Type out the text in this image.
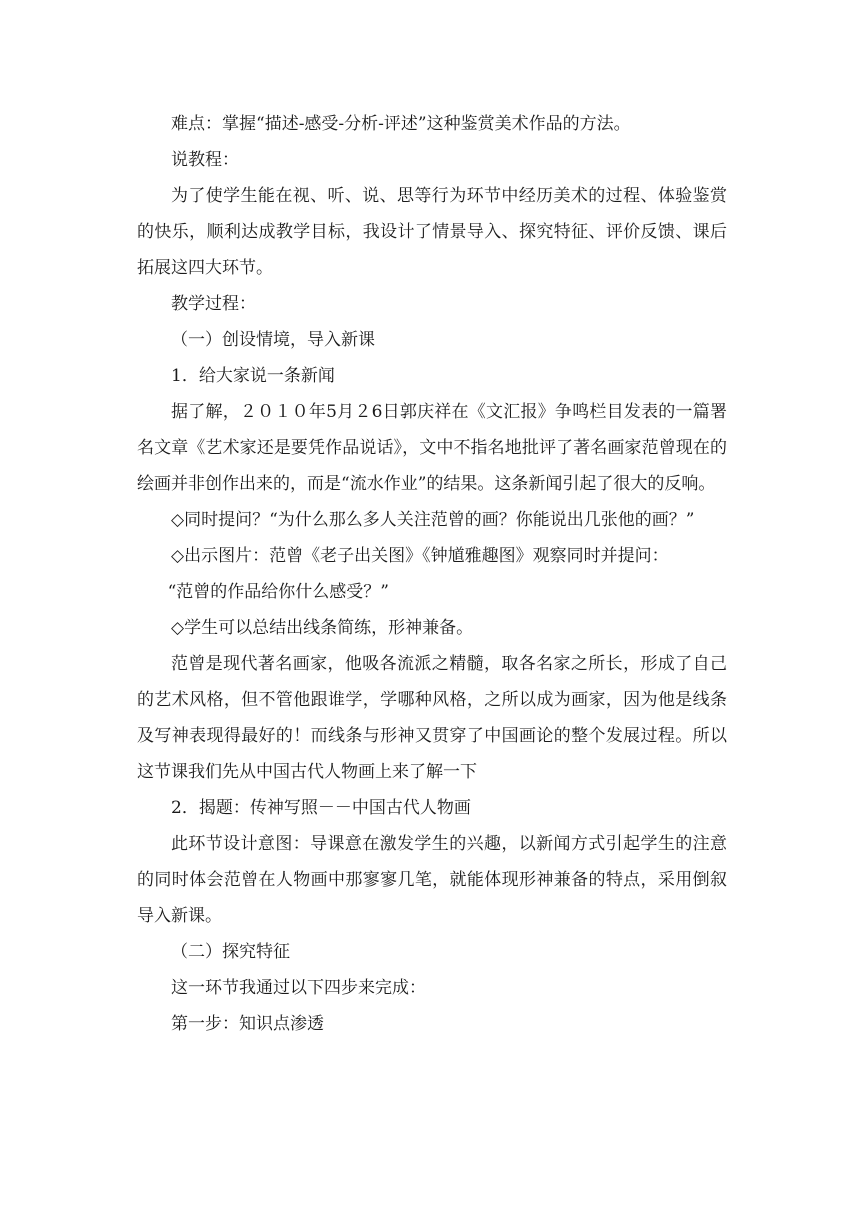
难点：掌握“描述-感受-分析-评述”这种鉴赏美术作品的方法。

说教程：

为了使学生能在视、听、说、思等行为环节中经历美术的过程、体验鉴赏的快乐，顺利达成教学目标，我设计了情景导入、探究特征、评价反馈、课后拓展这四大环节。

教学过程：

（一）创设情境，导入新课

1．给大家说一条新闻

据了解，２０１０年5月２6日郭庆祥在《文汇报》争鸣栏目发表的一篇署名文章《艺术家还是要凭作品说话》，文中不指名地批评了著名画家范曾现在的绘画并非创作出来的，而是“流水作业”的结果。这条新闻引起了很大的反响。

◇同时提问？“为什么那么多人关注范曾的画？你能说出几张他的画？”

◇出示图片：范曾《老子出关图》《钟馗雅趣图》观察同时并提问：

“范曾的作品给你什么感受？”

◇学生可以总结出线条简练，形神兼备。

范曾是现代著名画家，他吸各流派之精髓，取各名家之所长，形成了自己的艺术风格，但不管他跟谁学，学哪种风格，之所以成为画家，因为他是线条及写神表现得最好的！而线条与形神又贯穿了中国画论的整个发展过程。所以这节课我们先从中国古代人物画上来了解一下

2．揭题：传神写照－－中国古代人物画

此环节设计意图：导课意在激发学生的兴趣，以新闻方式引起学生的注意的同时体会范曾在人物画中那寥寥几笔，就能体现形神兼备的特点，采用倒叙导入新课。

（二）探究特征

这一环节我通过以下四步来完成：

第一步：知识点渗透
